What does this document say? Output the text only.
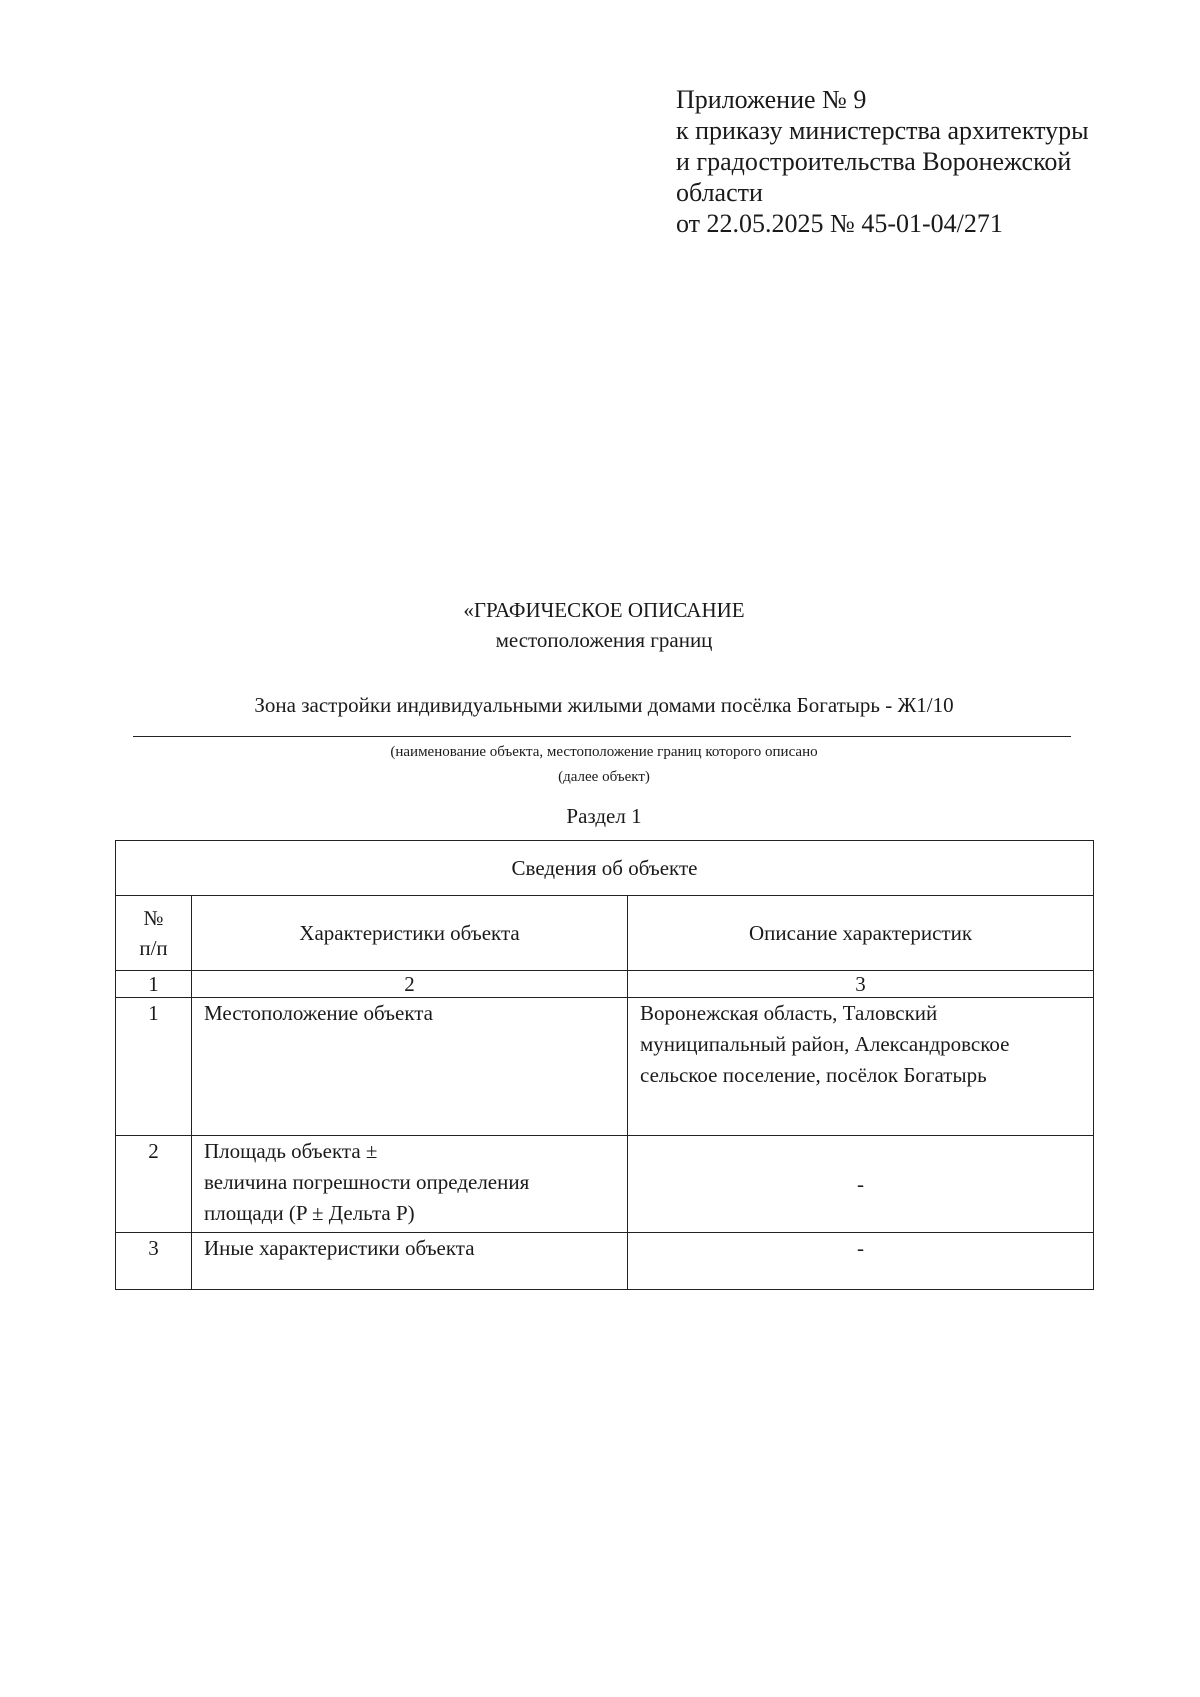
Приложение № 9
к приказу министерства архитектуры
и градостроительства Воронежской
области
от 22.05.2025 № 45-01-04/271
«ГРАФИЧЕСКОЕ ОПИСАНИЕ
местоположения границ
Зона застройки индивидуальными жилыми домами посёлка Богатырь - Ж1/10
(наименование объекта, местоположение границ которого описано
(далее объект)
Раздел 1
Сведения об объекте		

№
п/п	Характеристики объекта	Описание характеристик
1	2	3
1	Местоположение объекта	Воронежская область, Таловский муниципальный район, Александровское сельское поселение, посёлок Богатырь
2	Площадь объекта ±
величина погрешности определения
площади (P ± Дельта P)	-
3	Иные характеристики объекта	-
